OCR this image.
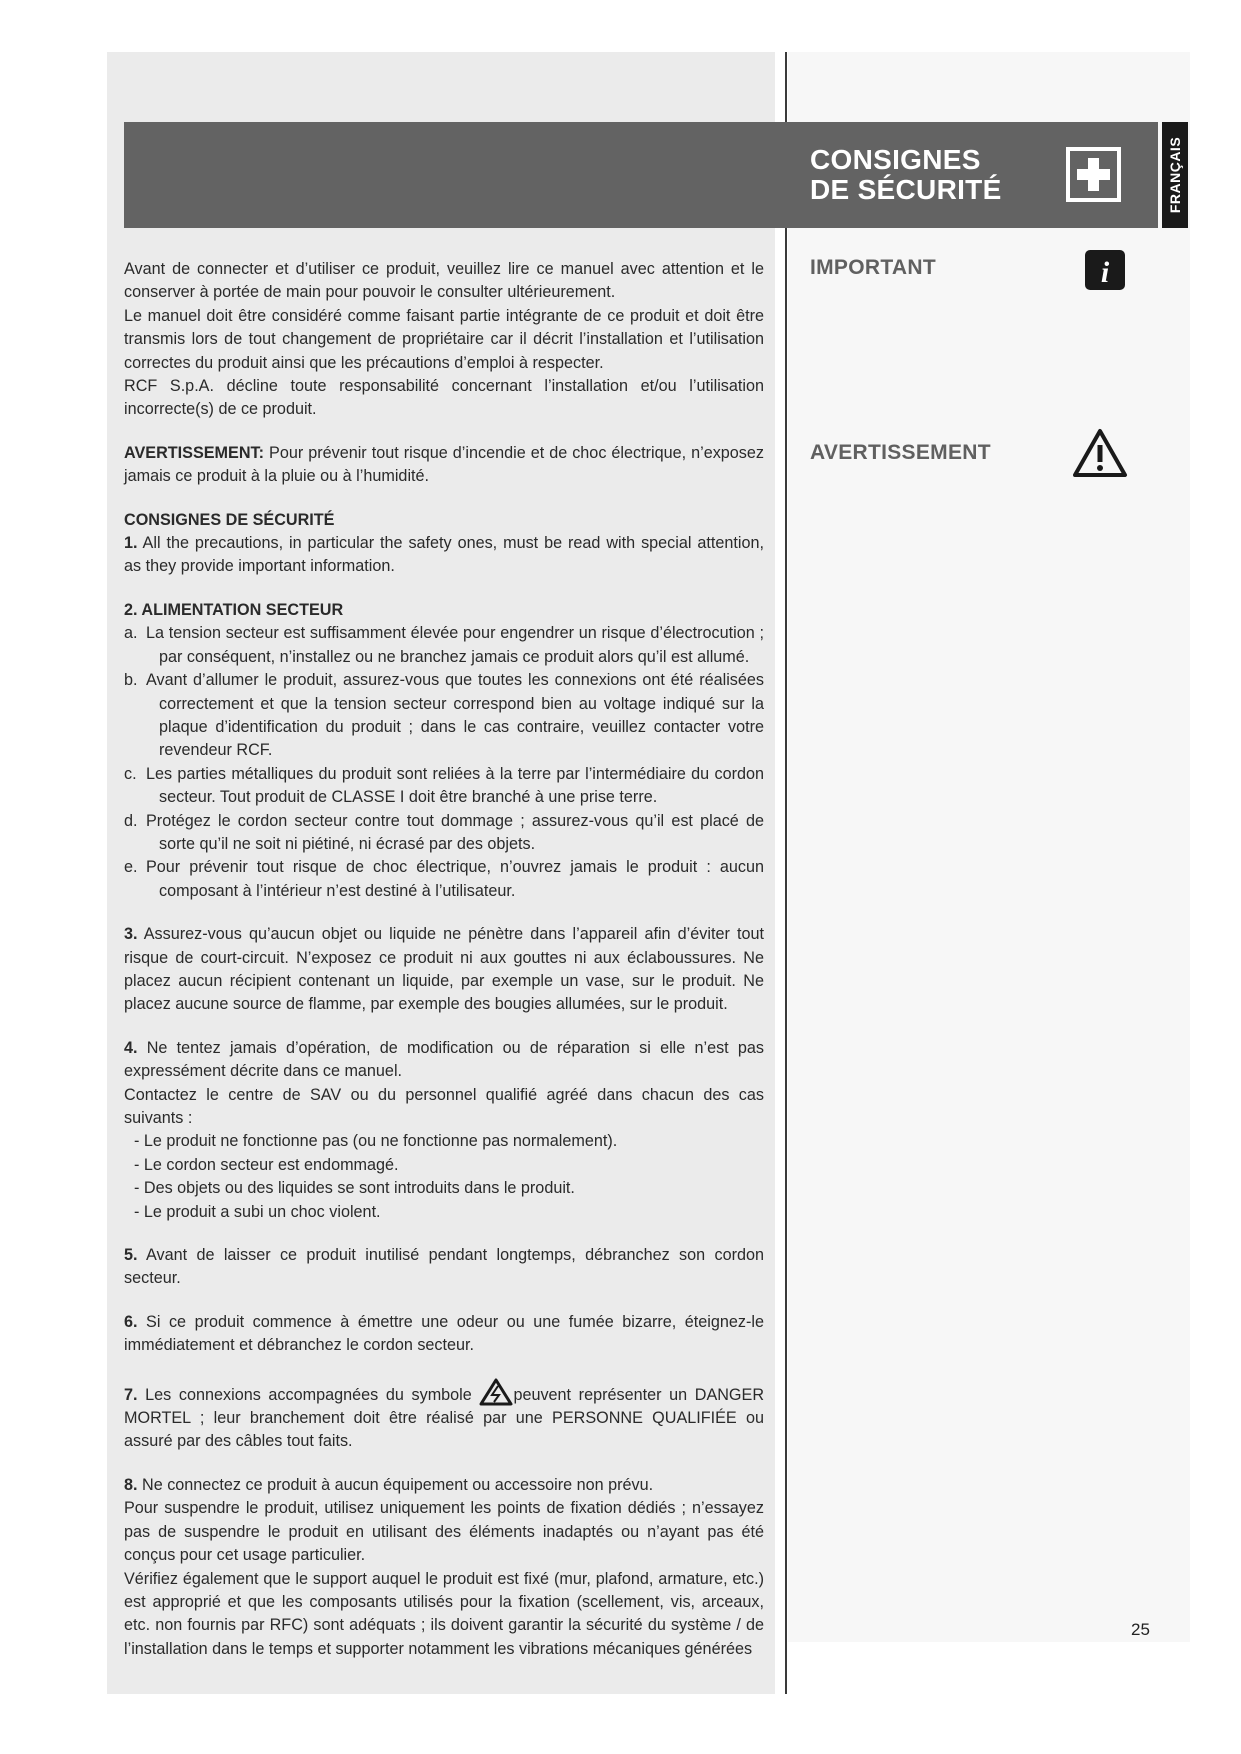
CONSIGNES
DE SÉCURITÉ	FRANÇAIS
IMPORTANT	i
AVERTISSEMENT

Avant de connecter et d’utiliser ce produit, veuillez lire ce manuel avec attention et le conserver à portée de main pour pouvoir le consulter ultérieurement.

Le manuel doit être considéré comme faisant partie intégrante de ce produit et doit être transmis lors de tout changement de propriétaire car il décrit l’installation et l’utilisation correctes du produit ainsi que les précautions d’emploi à respecter.

RCF S.p.A. décline toute responsabilité concernant l’installation et/ou l’utilisation incorrecte(s) de ce produit.

AVERTISSEMENT: Pour prévenir tout risque d’incendie et de choc électrique, n’exposez jamais ce produit à la pluie ou à l’humidité.

CONSIGNES DE SÉCURITÉ

1. All the precautions, in particular the safety ones, must be read with special attention, as they provide important information.

2. ALIMENTATION SECTEUR

a. La tension secteur est suffisamment élevée pour engendrer un risque d’électrocution ; par conséquent, n’installez ou ne branchez jamais ce produit alors qu’il est allumé.

b. Avant d’allumer le produit, assurez-vous que toutes les connexions ont été réalisées correctement et que la tension secteur correspond bien au voltage indiqué sur la plaque d’identification du produit ; dans le cas contraire, veuillez contacter votre revendeur RCF.

c. Les parties métalliques du produit sont reliées à la terre par l’intermédiaire du cordon secteur. Tout produit de CLASSE I doit être branché à une prise terre.

d. Protégez le cordon secteur contre tout dommage ; assurez-vous qu’il est placé de sorte qu’il ne soit ni piétiné, ni écrasé par des objets.

e. Pour prévenir tout risque de choc électrique, n’ouvrez jamais le produit : aucun composant à l’intérieur n’est destiné à l’utilisateur.

3. Assurez-vous qu’aucun objet ou liquide ne pénètre dans l’appareil afin d’éviter tout risque de court-circuit. N’exposez ce produit ni aux gouttes ni aux éclaboussures. Ne placez aucun récipient contenant un liquide, par exemple un vase, sur le produit. Ne placez aucune source de flamme, par exemple des bougies allumées, sur le produit.

4. Ne tentez jamais d’opération, de modification ou de réparation si elle n’est pas expressément décrite dans ce manuel.

Contactez le centre de SAV ou du personnel qualifié agréé dans chacun des cas suivants :

- Le produit ne fonctionne pas (ou ne fonctionne pas normalement).

- Le cordon secteur est endommagé.

- Des objets ou des liquides se sont introduits dans le produit.

- Le produit a subi un choc violent.

5. Avant de laisser ce produit inutilisé pendant longtemps, débranchez son cordon secteur.

6. Si ce produit commence à émettre une odeur ou une fumée bizarre, éteignez-le immédiatement et débranchez le cordon secteur.

7. Les connexions accompagnées du symbole peuvent représenter un DANGER MORTEL ; leur branchement doit être réalisé par une PERSONNE QUALIFIÉE ou assuré par des câbles tout faits.

8. Ne connectez ce produit à aucun équipement ou accessoire non prévu.

Pour suspendre le produit, utilisez uniquement les points de fixation dédiés ; n’essayez pas de suspendre le produit en utilisant des éléments inadaptés ou n’ayant pas été conçus pour cet usage particulier.

Vérifiez également que le support auquel le produit est fixé (mur, plafond, armature, etc.) est approprié et que les composants utilisés pour la fixation (scellement, vis, arceaux, etc. non fournis par RFC) sont adéquats ; ils doivent garantir la sécurité du système / de l’installation dans le temps et supporter notamment les vibrations mécaniques générées

25
